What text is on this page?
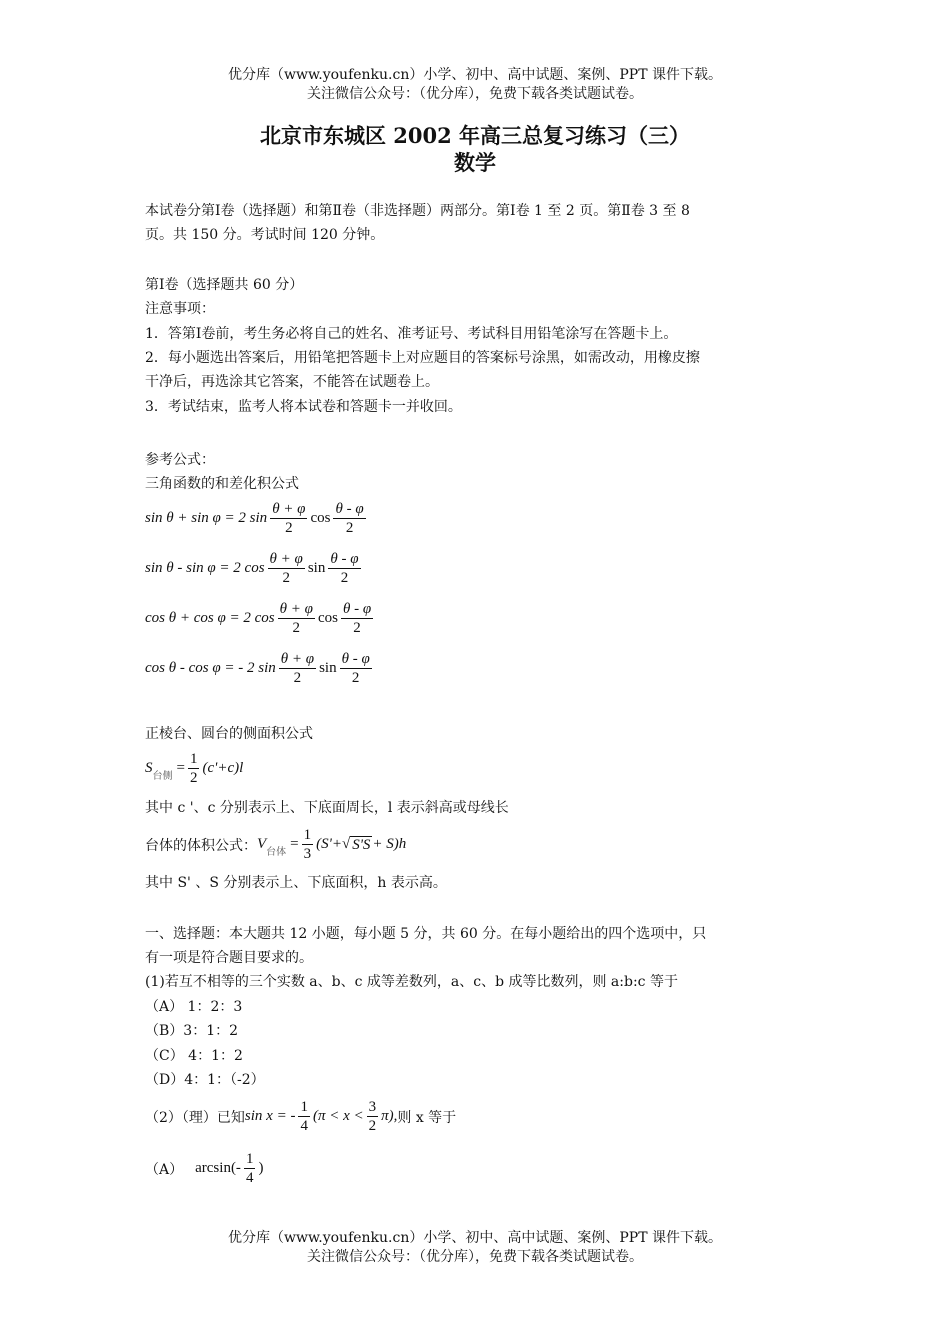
优分库（www.youfenku.cn）小学、初中、高中试题、案例、PPT 课件下载。
关注微信公众号：（优分库），免费下载各类试题试卷。
北京市东城区 2002 年高三总复习练习（三）
数学
本试卷分第Ⅰ卷（选择题）和第Ⅱ卷（非选择题）两部分。第Ⅰ卷 1 至 2 页。第Ⅱ卷 3 至 8
页。共 150 分。考试时间 120 分钟。
第Ⅰ卷（选择题共 60 分）
注意事项：
1．答第Ⅰ卷前，考生务必将自己的姓名、准考证号、考试科目用铅笔涂写在答题卡上。
2．每小题选出答案后，用铅笔把答题卡上对应题目的答案标号涂黑，如需改动，用橡皮擦
干净后，再选涂其它答案，不能答在试题卷上。
3．考试结束，监考人将本试卷和答题卡一并收回。
参考公式：
三角函数的和差化积公式
sin θ + sin φ = 2 $\sin \frac{\theta + \varphi}{2}$ $\cos \frac{\theta - \varphi}{2}$
sin θ - sin φ = 2 $\cos \frac{\theta + \varphi}{2}$ $\sin \frac{\theta - \varphi}{2}$
cos θ + cos φ = 2 $\cos \frac{\theta + \varphi}{2}$ $\cos \frac{\theta - \varphi}{2}$
cos θ - cos φ = - 2 $\sin \frac{\theta + \varphi}{2}$ $\sin \frac{\theta - \varphi}{2}$
正棱台、圆台的侧面积公式
S
台侧
= $\frac{1}{2} (c'+c)l$
其中 c '、c 分别表示上、下底面周长，l 表示斜高或母线长
台体的体积公式： V
台体
= $\frac{1}{3} (S'+$ √ S'S + S)h
其中 S' 、S 分别表示上、下底面积，h 表示高。
一、选择题：本大题共 12 小题，每小题 5 分，共 60 分。在每小题给出的四个选项中，只
有一项是符合题目要求的。
(1)若互不相等的三个实数 a、b、c 成等差数列，a、c、b 成等比数列，则 a:b:c 等于
（A） 1：2：3
（B）3：1：2
（C） 4：1：2
（D）4：1：（-2）
（2）（理）已知 sin x = - $\frac{1}{4} (\pi < x < \frac{3}{2} \pi)$, 则 x 等于
（A） $\arcsin(- \frac{1}{4}$ )
优分库（www.youfenku.cn）小学、初中、高中试题、案例、PPT 课件下载。
关注微信公众号：（优分库），免费下载各类试题试卷。
